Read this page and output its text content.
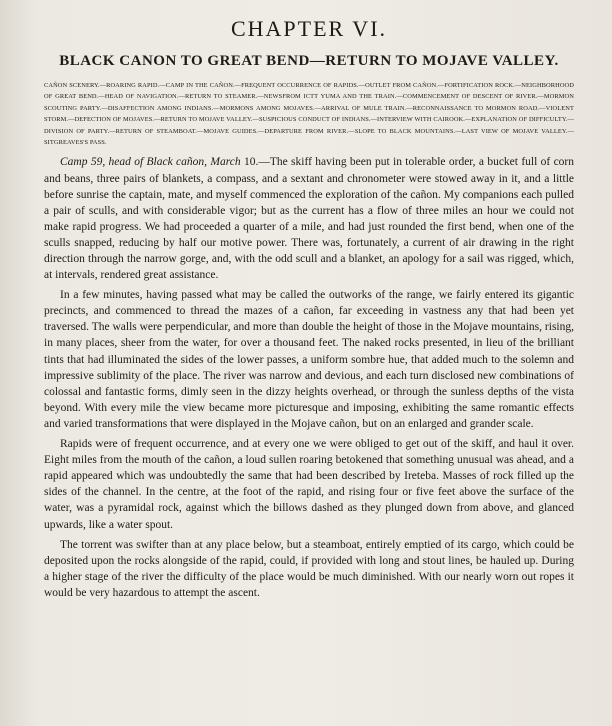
CHAPTER VI.
BLACK CANON TO GREAT BEND—RETURN TO MOJAVE VALLEY.
CAÑON SCENERY.—ROARING RAPID.—CAMP IN THE CAÑON.—FREQUENT OCCURRENCE OF RAPIDS.—OUTLET FROM CAÑON.—FORTIFICATION ROCK.—NEIGHBORHOOD OF GREAT BEND.—HEAD OF NAVIGATION.—RETURN TO STEAMER.—NEWSFROM ICTT YUMA AND THE TRAIN.—COMMENCEMENT OF DESCENT OF RIVER.—MORMON SCOUTING PARTY.—DISAFFECTION AMONG INDIANS.—MORMONS AMONG MOJAVES.—ARRIVAL OF MULE TRAIN.—RECONNAISSANCE TO MORMON ROAD.—VIOLENT STORM.—DEFECTION OF MOJAVES.—RETURN TO MOJAVE VALLEY.—SUSPICIOUS CONDUCT OF INDIANS.—INTERVIEW WITH CAIROOK.—EXPLANATION OF DIFFICULTY.—DIVISION OF PARTY.—RETURN OF STEAMBOAT.—MOJAVE GUIDES.—DEPARTURE FROM RIVER.—SLOPE TO BLACK MOUNTAINS.—LAST VIEW OF MOJAVE VALLEY.—SITGREAVES'S PASS.

Camp 59, head of Black cañon, March 10.—The skiff having been put in tolerable order, a bucket full of corn and beans, three pairs of blankets, a compass, and a sextant and chronometer were stowed away in it, and a little before sunrise the captain, mate, and myself commenced the exploration of the cañon. My companions each pulled a pair of sculls, and with considerable vigor; but as the current has a flow of three miles an hour we could not make rapid progress. We had proceeded a quarter of a mile, and had just rounded the first bend, when one of the sculls snapped, reducing by half our motive power. There was, fortunately, a current of air drawing in the right direction through the narrow gorge, and, with the odd scull and a blanket, an apology for a sail was rigged, which, at intervals, rendered great assistance.

In a few minutes, having passed what may be called the outworks of the range, we fairly entered its gigantic precincts, and commenced to thread the mazes of a cañon, far exceeding in vastness any that had been yet traversed. The walls were perpendicular, and more than double the height of those in the Mojave mountains, rising, in many places, sheer from the water, for over a thousand feet. The naked rocks presented, in lieu of the brilliant tints that had illuminated the sides of the lower passes, a uniform sombre hue, that added much to the solemn and impressive sublimity of the place. The river was narrow and devious, and each turn disclosed new combinations of colossal and fantastic forms, dimly seen in the dizzy heights overhead, or through the sunless depths of the vista beyond. With every mile the view became more picturesque and imposing, exhibiting the same romantic effects and varied transformations that were displayed in the Mojave cañon, but on an enlarged and grander scale.

Rapids were of frequent occurrence, and at every one we were obliged to get out of the skiff, and haul it over. Eight miles from the mouth of the cañon, a loud sullen roaring betokened that something unusual was ahead, and a rapid appeared which was undoubtedly the same that had been described by Ireteba. Masses of rock filled up the sides of the channel. In the centre, at the foot of the rapid, and rising four or five feet above the surface of the water, was a pyramidal rock, against which the billows dashed as they plunged down from above, and glanced upwards, like a water spout.

The torrent was swifter than at any place below, but a steamboat, entirely emptied of its cargo, which could be deposited upon the rocks alongside of the rapid, could, if provided with long and stout lines, be hauled up. During a higher stage of the river the difficulty of the place would be much diminished. With our nearly worn out ropes it would be very hazardous to attempt the ascent.
